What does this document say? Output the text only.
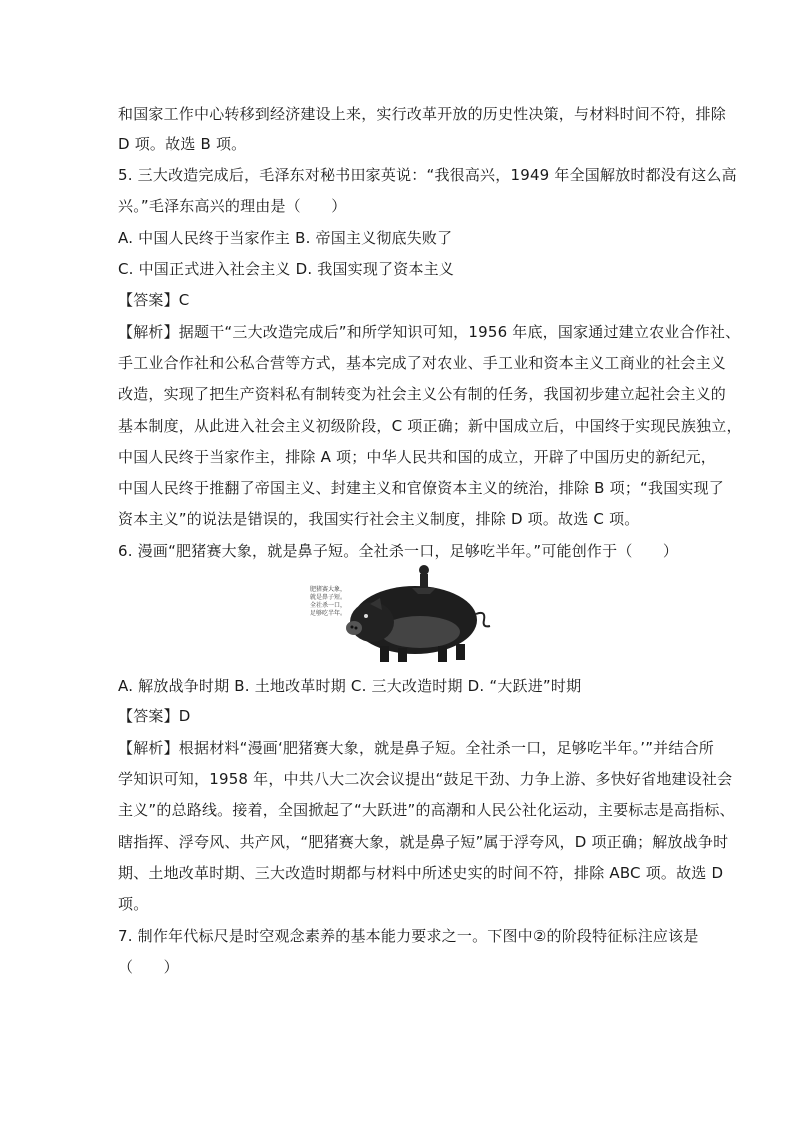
和国家工作中心转移到经济建设上来，实行改革开放的历史性决策，与材料时间不符，排除
D 项。故选 B 项。
5. 三大改造完成后，毛泽东对秘书田家英说：“我很高兴，1949 年全国解放时都没有这么高
兴。”毛泽东高兴的理由是（　　）
A. 中国人民终于当家作主 B. 帝国主义彻底失败了
C. 中国正式进入社会主义 D. 我国实现了资本主义
【答案】C
【解析】据题干“三大改造完成后”和所学知识可知，1956 年底，国家通过建立农业合作社、
手工业合作社和公私合营等方式，基本完成了对农业、手工业和资本主义工商业的社会主义
改造，实现了把生产资料私有制转变为社会主义公有制的任务，我国初步建立起社会主义的
基本制度，从此进入社会主义初级阶段，C 项正确；新中国成立后，中国终于实现民族独立，
中国人民终于当家作主，排除 A 项；中华人民共和国的成立，开辟了中国历史的新纪元，
中国人民终于推翻了帝国主义、封建主义和官僚资本主义的统治，排除 B 项；“我国实现了
资本主义”的说法是错误的，我国实行社会主义制度，排除 D 项。故选 C 项。
6. 漫画“肥猪赛大象，就是鼻子短。全社杀一口，足够吃半年。”可能创作于（　　）
肥猪赛大象，就是鼻子短。全社杀一口，足够吃半年。
A. 解放战争时期 B. 土地改革时期 C. 三大改造时期 D. “大跃进”时期
【答案】D
【解析】根据材料“漫画‘肥猪赛大象，就是鼻子短。全社杀一口，足够吃半年。’”并结合所
学知识可知，1958 年，中共八大二次会议提出“鼓足干劲、力争上游、多快好省地建设社会
主义”的总路线。接着，全国掀起了“大跃进”的高潮和人民公社化运动，主要标志是高指标、
瞎指挥、浮夸风、共产风，“肥猪赛大象，就是鼻子短”属于浮夸风，D 项正确；解放战争时
期、土地改革时期、三大改造时期都与材料中所述史实的时间不符，排除 ABC 项。故选 D
项。
7. 制作年代标尺是时空观念素养的基本能力要求之一。下图中②的阶段特征标注应该是
（　　）
